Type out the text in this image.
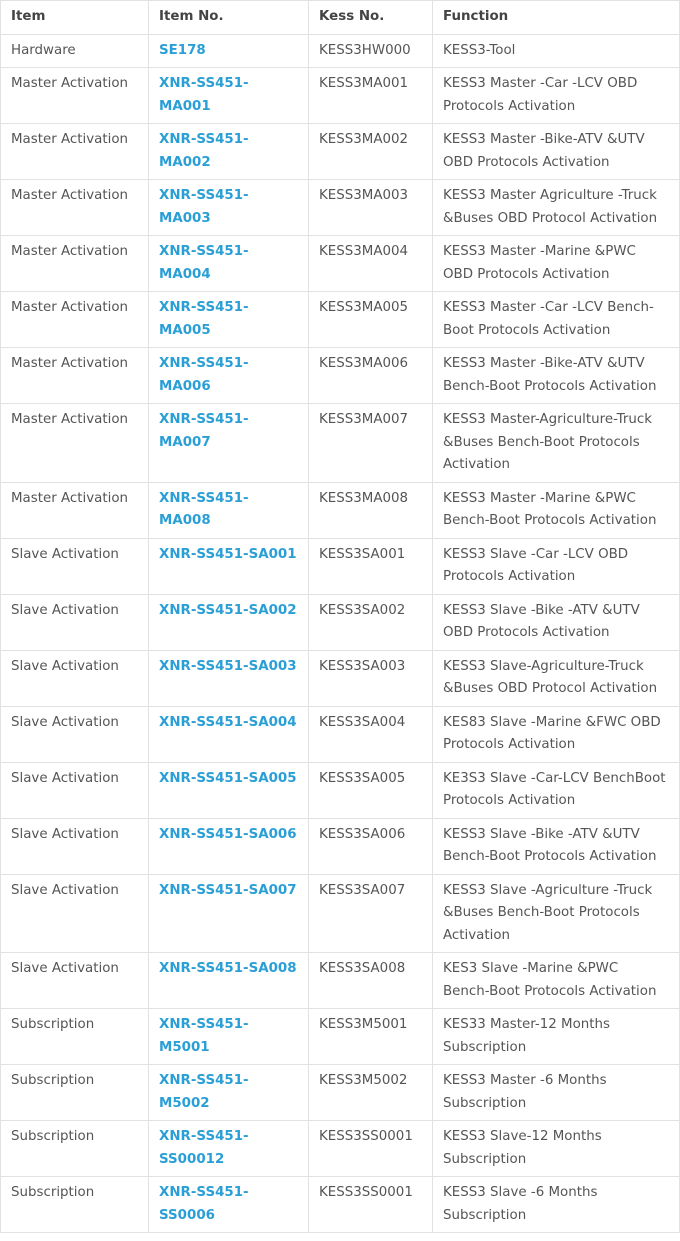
Item	Item No.	Kess No.	Function
Hardware	SE178	KESS3HW000	KESS3-Tool
Master Activation	XNR-SS451-MA001	KESS3MA001	KESS3 Master -Car -LCV OBD Protocols Activation
Master Activation	XNR-SS451-MA002	KESS3MA002	KESS3 Master -Bike-ATV &UTV OBD Protocols Activation
Master Activation	XNR-SS451-MA003	KESS3MA003	KESS3 Master Agriculture -Truck &Buses OBD Protocol Activation
Master Activation	XNR-SS451-MA004	KESS3MA004	KESS3 Master -Marine &PWC OBD Protocols Activation
Master Activation	XNR-SS451-MA005	KESS3MA005	KESS3 Master -Car -LCV Bench-Boot Protocols Activation
Master Activation	XNR-SS451-MA006	KESS3MA006	KESS3 Master -Bike-ATV &UTV Bench-Boot Protocols Activation
Master Activation	XNR-SS451-MA007	KESS3MA007	KESS3 Master-Agriculture-Truck &Buses Bench-Boot Protocols Activation
Master Activation	XNR-SS451-MA008	KESS3MA008	KESS3 Master -Marine &PWC Bench-Boot Protocols Activation
Slave Activation	XNR-SS451-SA001	KESS3SA001	KESS3 Slave -Car -LCV OBD Protocols Activation
Slave Activation	XNR-SS451-SA002	KESS3SA002	KESS3 Slave -Bike -ATV &UTV OBD Protocols Activation
Slave Activation	XNR-SS451-SA003	KESS3SA003	KESS3 Slave-Agriculture-Truck &Buses OBD Protocol Activation
Slave Activation	XNR-SS451-SA004	KESS3SA004	KES83 Slave -Marine &FWC OBD Protocols Activation
Slave Activation	XNR-SS451-SA005	KESS3SA005	KE3S3 Slave -Car-LCV BenchBoot Protocols Activation
Slave Activation	XNR-SS451-SA006	KESS3SA006	KESS3 Slave -Bike -ATV &UTV Bench-Boot Protocols Activation
Slave Activation	XNR-SS451-SA007	KESS3SA007	KESS3 Slave -Agriculture -Truck &Buses Bench-Boot Protocols Activation
Slave Activation	XNR-SS451-SA008	KESS3SA008	KES3 Slave -Marine &PWC Bench-Boot Protocols Activation
Subscription	XNR-SS451-M5001	KESS3M5001	KES33 Master-12 Months Subscription
Subscription	XNR-SS451-M5002	KESS3M5002	KESS3 Master -6 Months Subscription
Subscription	XNR-SS451-SS00012	KESS3SS0001	KESS3 Slave-12 Months Subscription
Subscription	XNR-SS451-SS0006	KESS3SS0001	KESS3 Slave -6 Months Subscription
